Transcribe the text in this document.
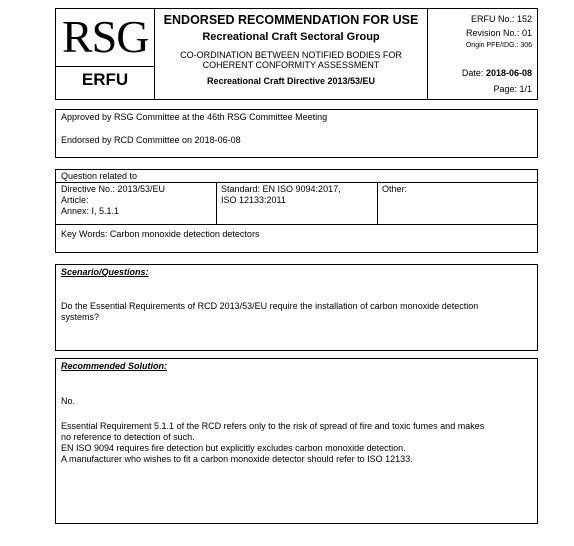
RSG
ERFU
ENDORSED RECOMMENDATION FOR USE
Recreational Craft Sectoral Group
CO-ORDINATION BETWEEN NOTIFIED BODIES FOR
COHERENT CONFORMITY ASSESSMENT
Recreational Craft Directive 2013/53/EU
ERFU No.: 152
Revision No.: 01
Origin PFE/IDG.: 306
Date: 2018-06-08
Page: 1/1
Approved by RSG Committee at the 46th RSG Committee Meeting
Endorsed by RCD Committee on 2018-06-08
Question related to
Directive No.: 2013/53/EU
Article:
Annex: I, 5.1.1
Standard: EN ISO 9094:2017,
ISO 12133:2011
Other:
Key Words: Carbon monoxide detection detectors
Scenario/Questions:
Do the Essential Requirements of RCD 2013/53/EU require the installation of carbon monoxide detection
systems?
Recommended Solution:
No.
Essential Requirement 5.1.1 of the RCD refers only to the risk of spread of fire and toxic fumes and makes
no reference to detection of such.
EN ISO 9094 requires fire detection but explicitly excludes carbon monoxide detection.
A manufacturer who wishes to fit a carbon monoxide detector should refer to ISO 12133.
